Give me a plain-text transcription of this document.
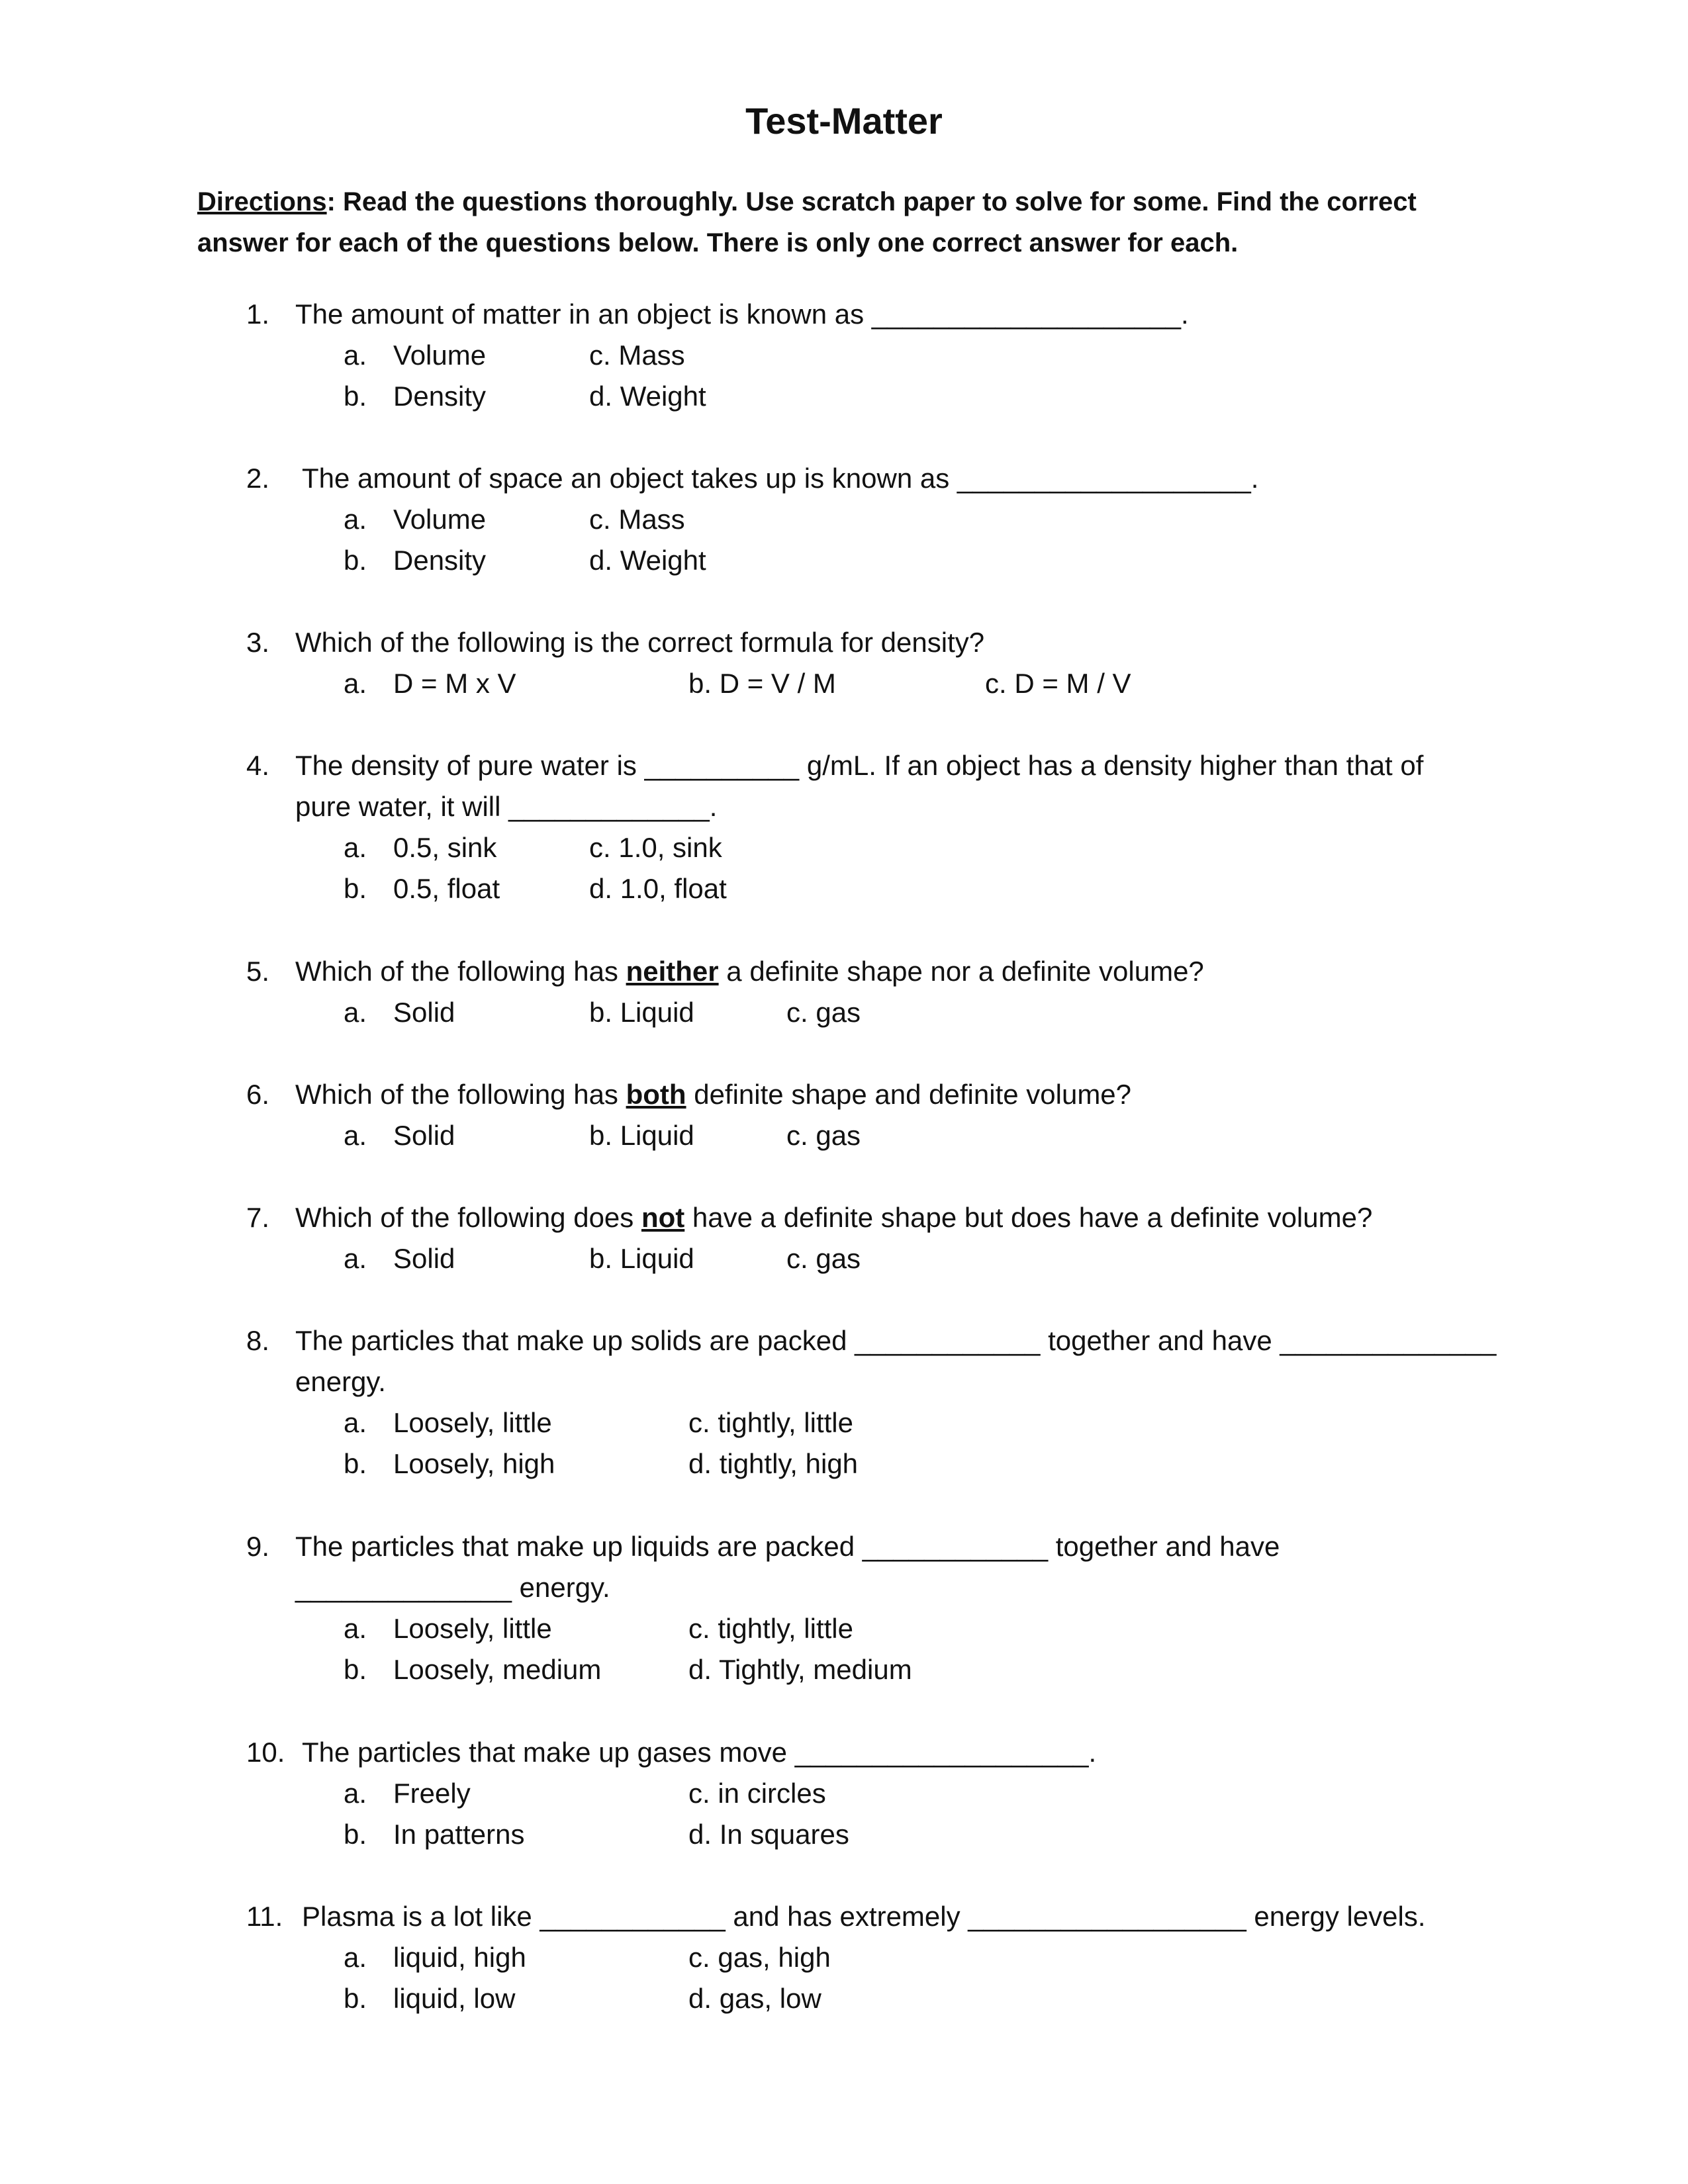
Test-Matter
Directions: Read the questions thoroughly. Use scratch paper to solve for some. Find the correct answer for each of the questions below. There is only one correct answer for each.
1. The amount of matter in an object is known as ____________________.
a. Volume	c. Mass
b. Density	d. Weight
2. The amount of space an object takes up is known as ___________________.
a. Volume	c. Mass
b. Density	d. Weight
3. Which of the following is the correct formula for density?
a. D = M x V	b. D = V / M	c. D = M / V
4. The density of pure water is __________ g/mL. If an object has a density higher than that of
pure water, it will _____________.
a. 0.5, sink	c. 1.0, sink
b. 0.5, float	d. 1.0, float
5. Which of the following has neither a definite shape nor a definite volume?
a. Solid	b. Liquid	c. gas
6. Which of the following has both definite shape and definite volume?
a. Solid	b. Liquid	c. gas
7. Which of the following does not have a definite shape but does have a definite volume?
a. Solid	b. Liquid	c. gas
8. The particles that make up solids are packed ____________ together and have ______________
energy.
a. Loosely, little	c. tightly, little
b. Loosely, high	d. tightly, high
9. The particles that make up liquids are packed ____________ together and have
______________ energy.
a. Loosely, little	c. tightly, little
b. Loosely, medium	d. Tightly, medium
10. The particles that make up gases move ___________________.
a. Freely	c. in circles
b. In patterns	d. In squares
11. Plasma is a lot like ____________ and has extremely __________________ energy levels.
a. liquid, high	c. gas, high
b. liquid, low	d. gas, low
